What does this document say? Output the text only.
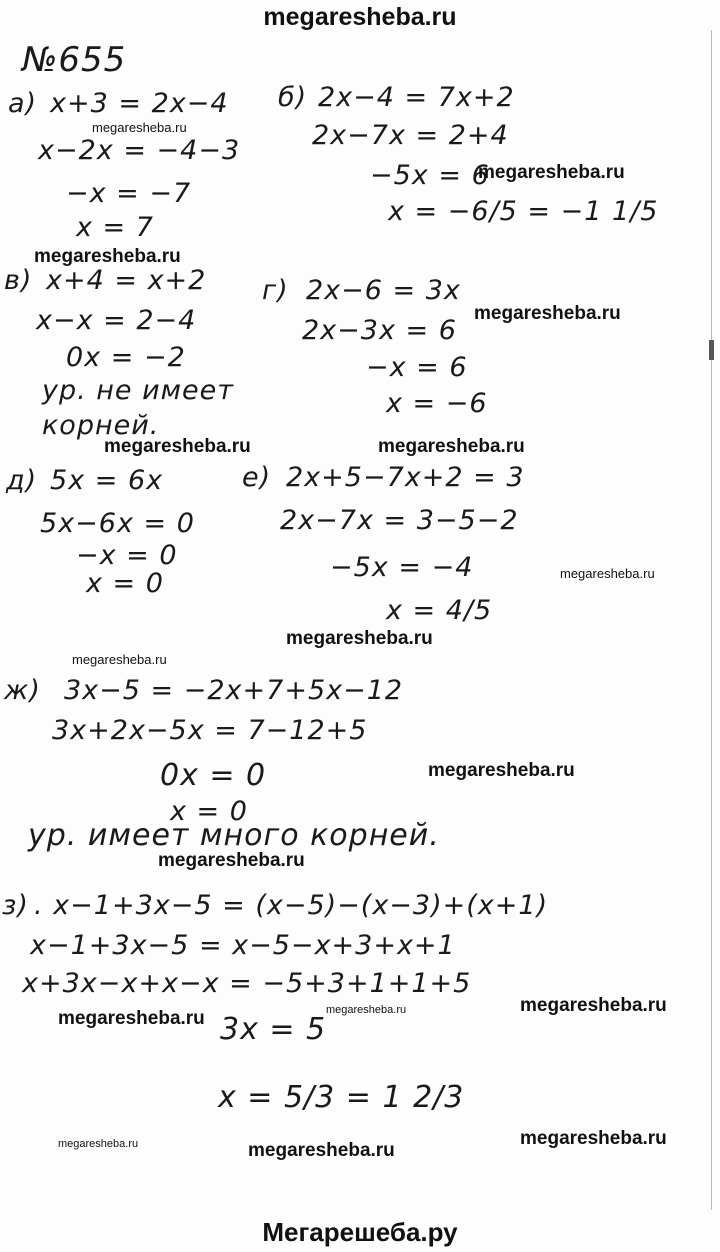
megaresheba.ru
№655
а) x+3 = 2x−4
x−2x = −4−3
−x = −7
x = 7
б) 2x−4 = 7x+2
2x−7x = 2+4
−5x = 6
x = −6/5 = −1 1/5
в) x+4 = x+2
x−x = 2−4
0x = −2
ур. не имеет
корней.
г) 2x−6 = 3x
2x−3x = 6
−x = 6
x = −6
д) 5x = 6x
5x−6x = 0
−x = 0
x = 0
е) 2x+5−7x+2 = 3
2x−7x = 3−5−2
−5x = −4
x = 4/5
ж) 3x−5 = −2x+7+5x−12
3x+2x−5x = 7−12+5
0x = 0
x = 0
ур. имеет много корней.
з) . x−1+3x−5 = (x−5)−(x−3)+(x+1)
x−1+3x−5 = x−5−x+3+x+1
x+3x−x+x−x = −5+3+1+1+5
3x = 5
x = 5/3 = 1 2/3
megaresheba.ru
megaresheba.ru
megaresheba.ru
megaresheba.ru
megaresheba.ru	megaresheba.ru
megaresheba.ru
megaresheba.ru
megaresheba.ru
megaresheba.ru
megaresheba.ru
megaresheba.ru
megaresheba.ru
megaresheba.ru
megaresheba.ru
megaresheba.ru	megaresheba.ru
Мегарешеба.ру
